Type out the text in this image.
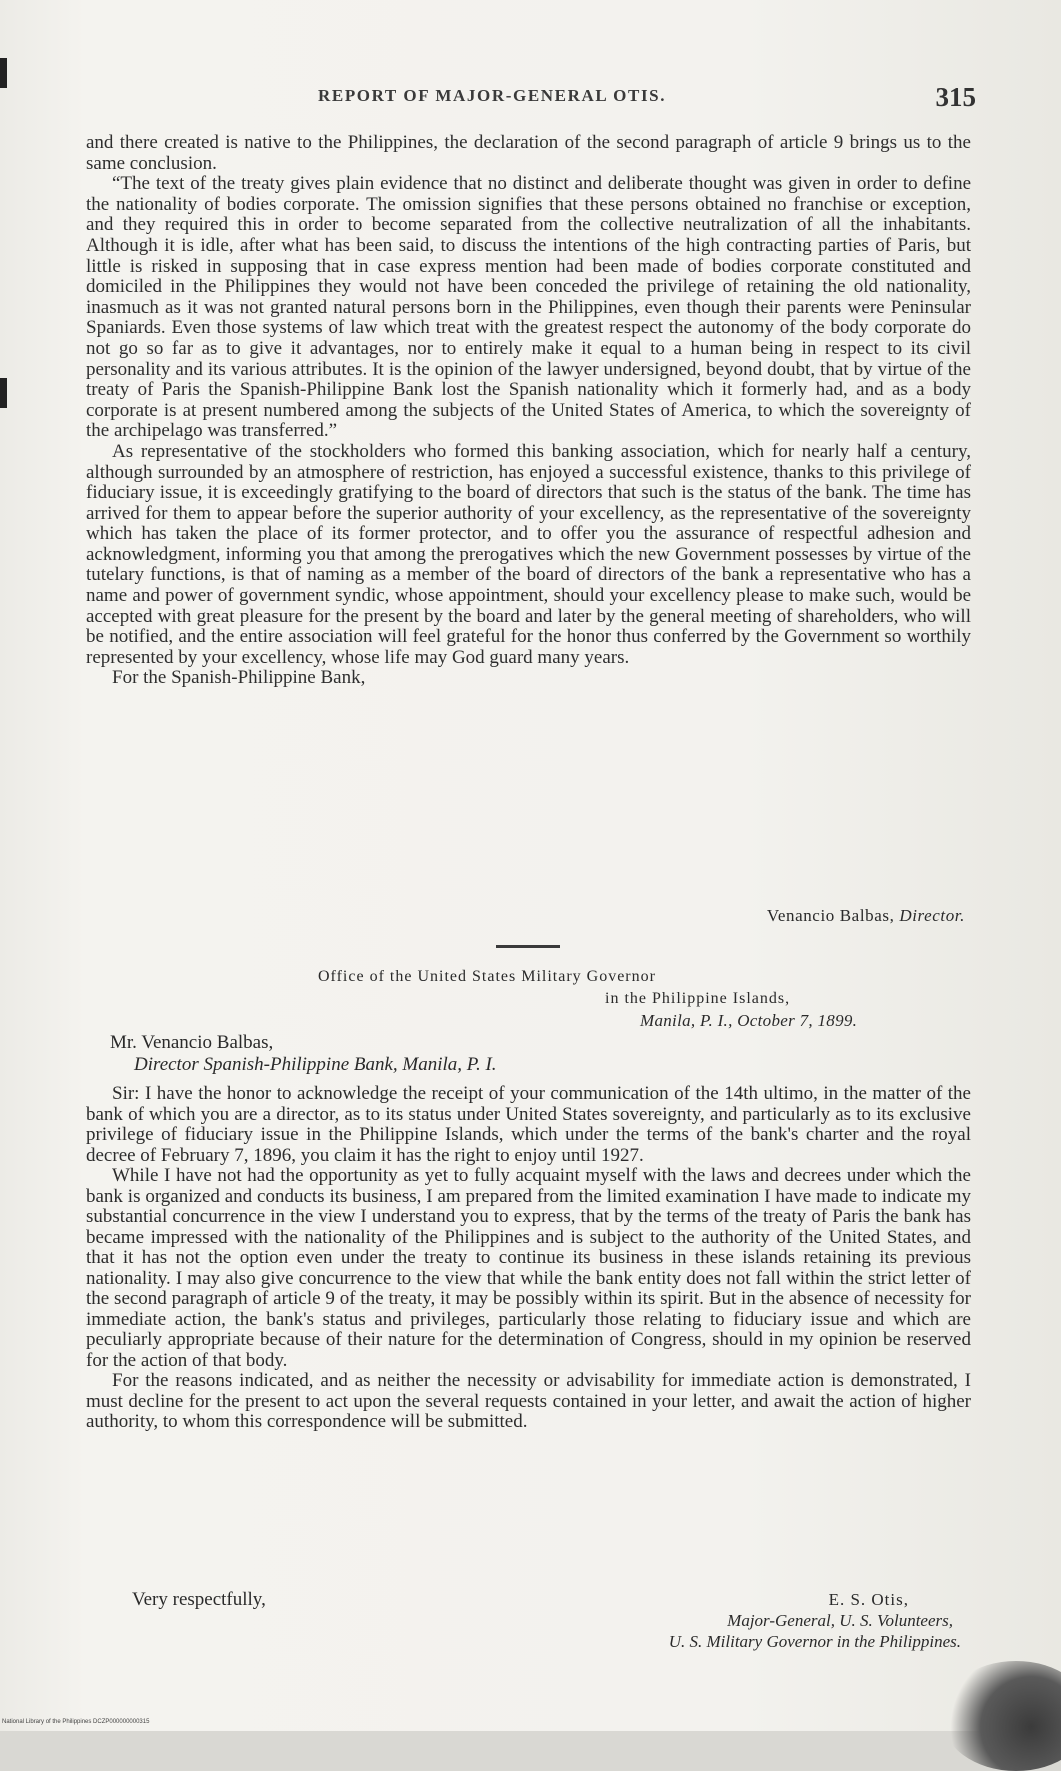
REPORT OF MAJOR-GENERAL OTIS.	315

and there created is native to the Philippines, the declaration of the second paragraph of article 9 brings us to the same conclusion.

“The text of the treaty gives plain evidence that no distinct and deliberate thought was given in order to define the nationality of bodies corporate. The omission signifies that these persons obtained no franchise or exception, and they required this in order to become separated from the collective neutralization of all the inhabitants. Although it is idle, after what has been said, to discuss the intentions of the high contracting parties of Paris, but little is risked in supposing that in case express mention had been made of bodies corporate constituted and domiciled in the Philippines they would not have been conceded the privilege of retaining the old nationality, inasmuch as it was not granted natural persons born in the Philippines, even though their parents were Peninsular Spaniards. Even those systems of law which treat with the greatest respect the autonomy of the body corporate do not go so far as to give it advantages, nor to entirely make it equal to a human being in respect to its civil personality and its various attributes. It is the opinion of the lawyer undersigned, beyond doubt, that by virtue of the treaty of Paris the Spanish-Philippine Bank lost the Spanish nationality which it formerly had, and as a body corporate is at present numbered among the subjects of the United States of America, to which the sovereignty of the archipelago was transferred.”

As representative of the stockholders who formed this banking association, which for nearly half a century, although surrounded by an atmosphere of restriction, has enjoyed a successful existence, thanks to this privilege of fiduciary issue, it is exceedingly gratifying to the board of directors that such is the status of the bank. The time has arrived for them to appear before the superior authority of your excellency, as the representative of the sovereignty which has taken the place of its former protector, and to offer you the assurance of respectful adhesion and acknowledgment, informing you that among the prerogatives which the new Government possesses by virtue of the tutelary functions, is that of naming as a member of the board of directors of the bank a representative who has a name and power of government syndic, whose appointment, should your excellency please to make such, would be accepted with great pleasure for the present by the board and later by the general meeting of shareholders, who will be notified, and the entire association will feel grateful for the honor thus conferred by the Government so worthily represented by your excellency, whose life may God guard many years.

For the Spanish-Philippine Bank,

Venancio Balbas, Director.
Office of the United States Military Governor
in the Philippine Islands,
Manila, P. I., October 7, 1899.
Mr. Venancio Balbas,
Director Spanish-Philippine Bank, Manila, P. I.

Sir: I have the honor to acknowledge the receipt of your communication of the 14th ultimo, in the matter of the bank of which you are a director, as to its status under United States sovereignty, and particularly as to its exclusive privilege of fiduciary issue in the Philippine Islands, which under the terms of the bank's charter and the royal decree of February 7, 1896, you claim it has the right to enjoy until 1927.

While I have not had the opportunity as yet to fully acquaint myself with the laws and decrees under which the bank is organized and conducts its business, I am prepared from the limited examination I have made to indicate my substantial concurrence in the view I understand you to express, that by the terms of the treaty of Paris the bank has became impressed with the nationality of the Philippines and is subject to the authority of the United States, and that it has not the option even under the treaty to continue its business in these islands retaining its previous nationality. I may also give concurrence to the view that while the bank entity does not fall within the strict letter of the second paragraph of article 9 of the treaty, it may be possibly within its spirit. But in the absence of necessity for immediate action, the bank's status and privileges, particularly those relating to fiduciary issue and which are peculiarly appropriate because of their nature for the determination of Congress, should in my opinion be reserved for the action of that body.

For the reasons indicated, and as neither the necessity or advisability for immediate action is demonstrated, I must decline for the present to act upon the several requests contained in your letter, and await the action of higher authority, to whom this correspondence will be submitted.

Very respectfully,	E. S. Otis,
Major-General, U. S. Volunteers,
U. S. Military Governor in the Philippines.
National Library of the Philippines DCZP000000000315
